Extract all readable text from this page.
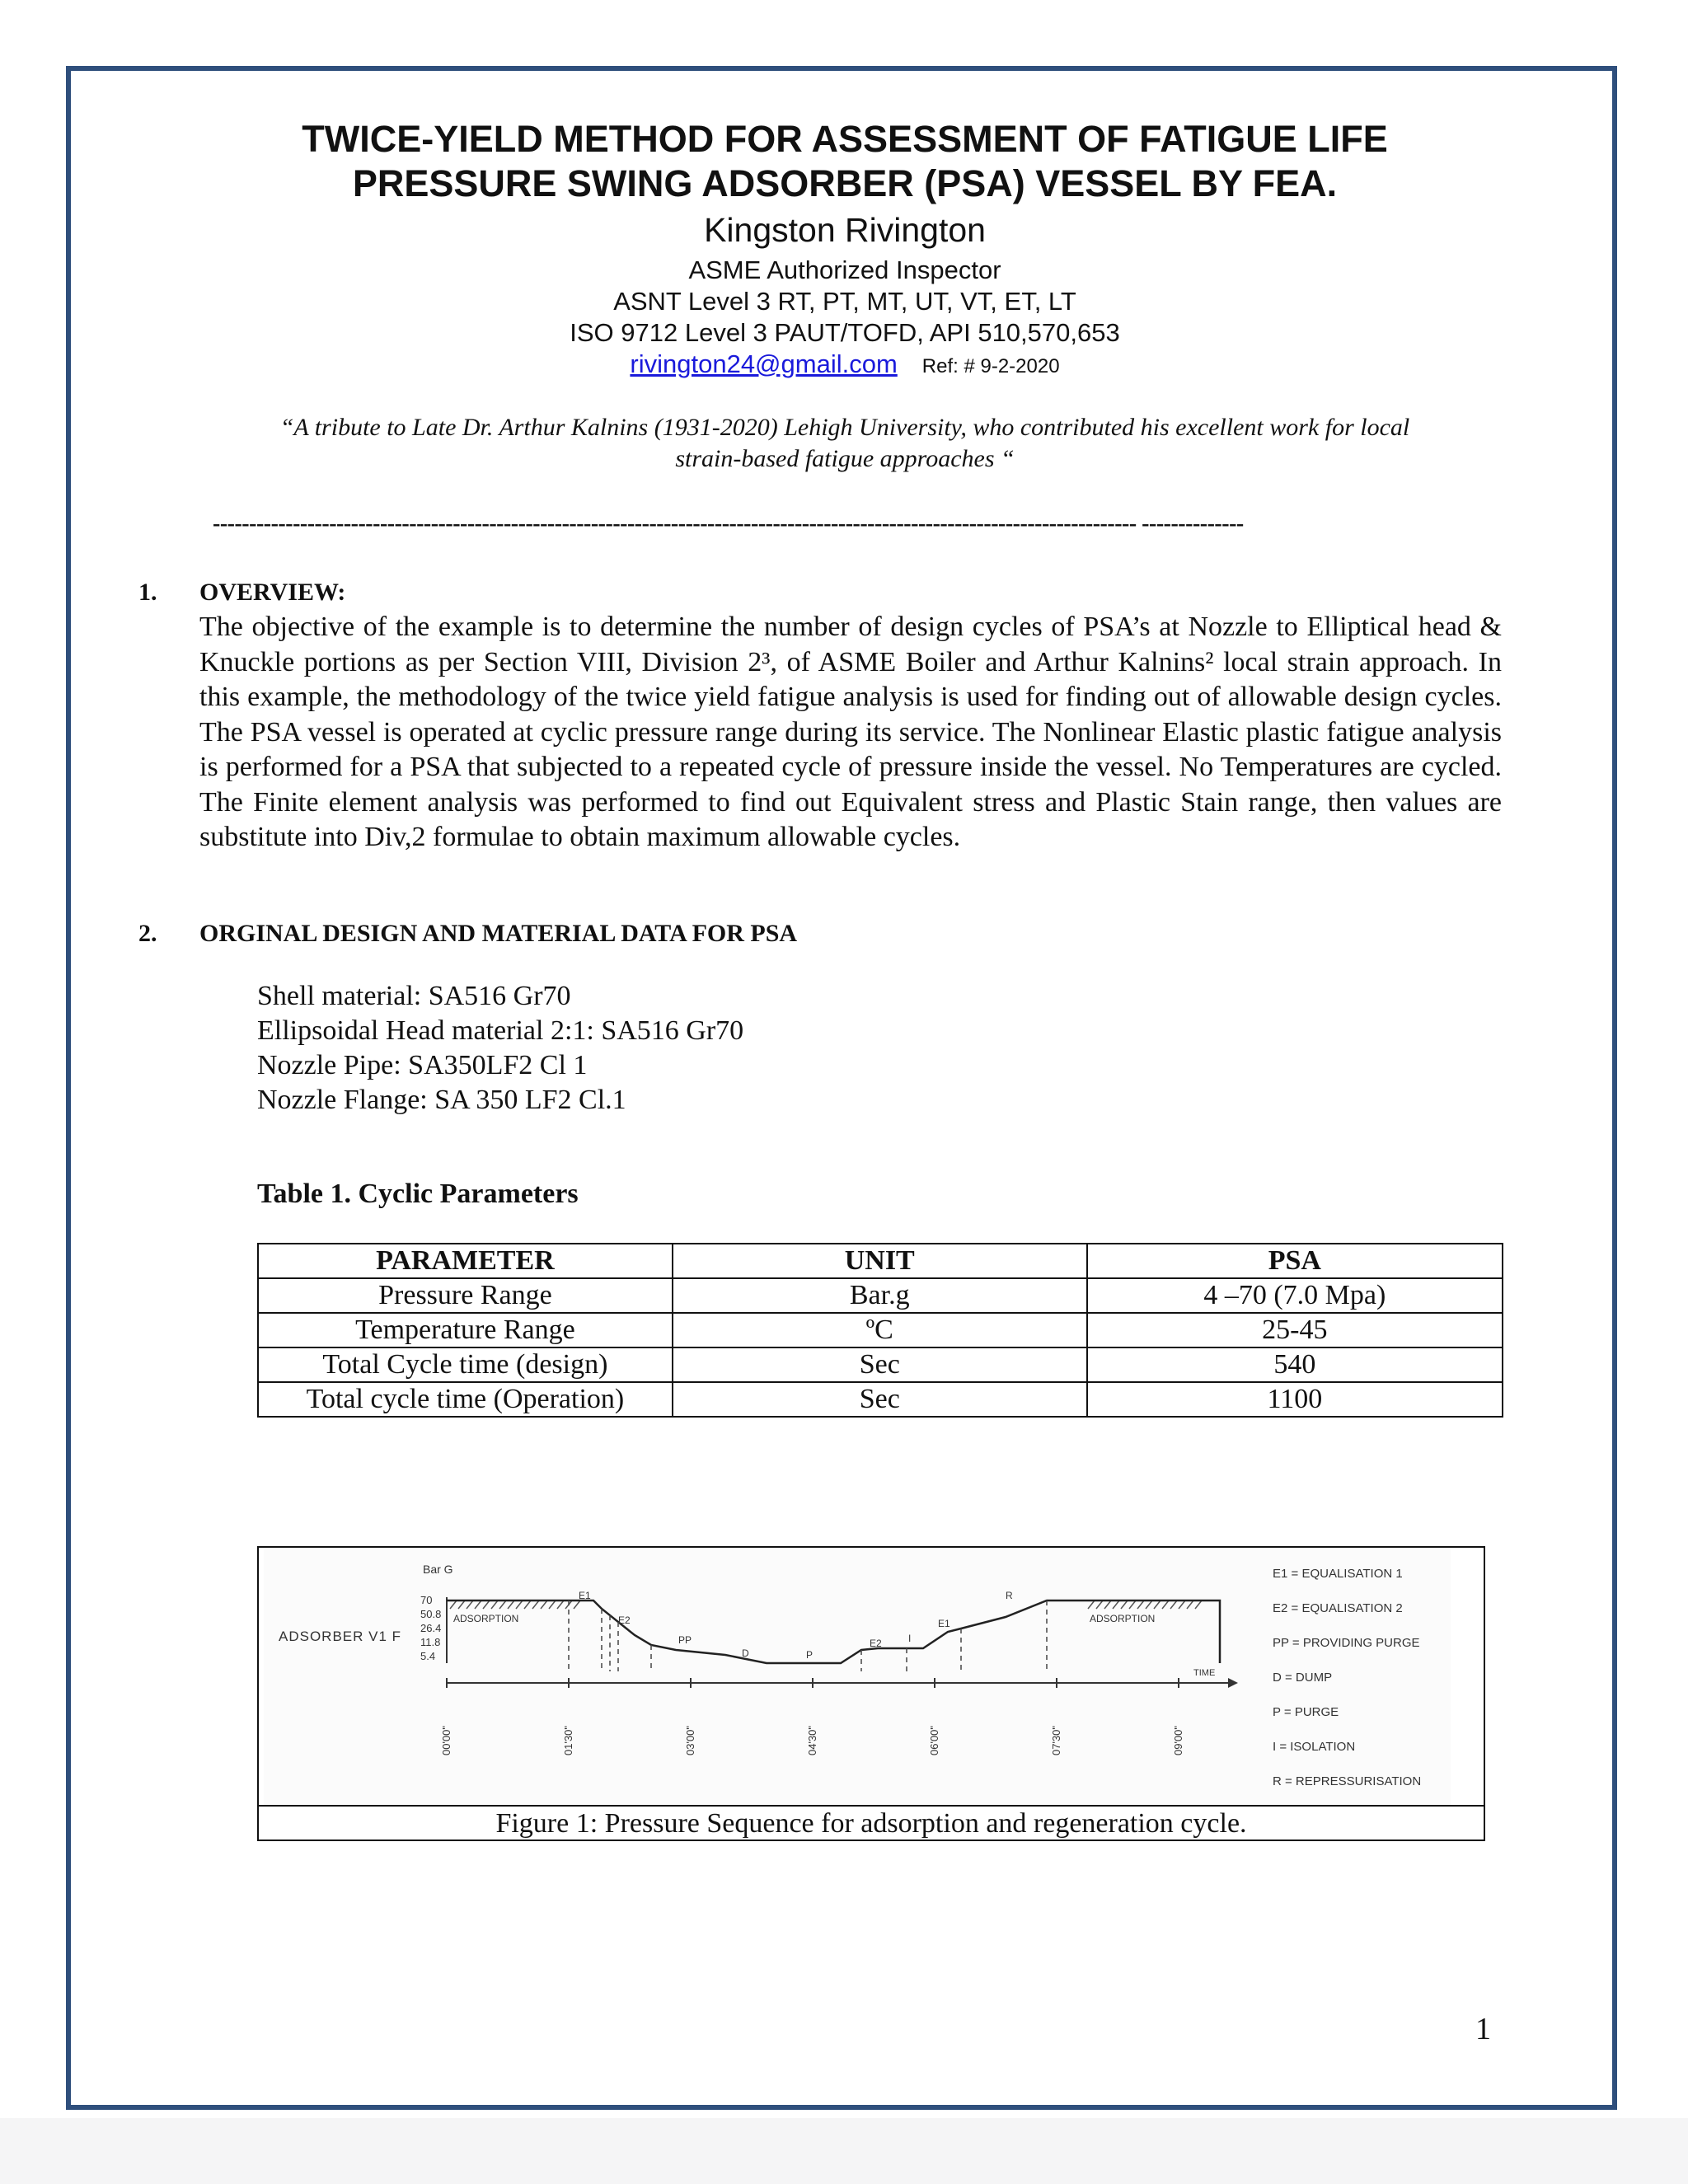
TWICE-YIELD METHOD FOR ASSESSMENT OF FATIGUE LIFE
PRESSURE SWING ADSORBER (PSA) VESSEL BY FEA.
Kingston Rivington
ASME Authorized Inspector
ASNT Level 3 RT, PT, MT, UT, VT, ET, LT
ISO 9712 Level 3 PAUT/TOFD, API 510,570,653
rivington24@gmail.com Ref: # 9-2-2020
“A tribute to Late Dr. Arthur Kalnins (1931-2020) Lehigh University, who contributed his excellent work for local
strain-based fatigue approaches “
------------------------------------------------------------------------------------------------------------------------------- --------------
1. OVERVIEW:
The objective of the example is to determine the number of design cycles of PSA’s at Nozzle to Elliptical head & Knuckle portions as per Section VIII, Division 2³, of ASME Boiler and Arthur Kalnins² local strain approach. In this example, the methodology of the twice yield fatigue analysis is used for finding out of allowable design cycles. The PSA vessel is operated at cyclic pressure range during its service. The Nonlinear Elastic plastic fatigue analysis is performed for a PSA that subjected to a repeated cycle of pressure inside the vessel. No Temperatures are cycled. The Finite element analysis was performed to find out Equivalent stress and Plastic Stain range, then values are substitute into Div,2 formulae to obtain maximum allowable cycles.
2. ORGINAL DESIGN AND MATERIAL DATA FOR PSA
Shell material: SA516 Gr70
Ellipsoidal Head material 2:1: SA516 Gr70
Nozzle Pipe: SA350LF2 Cl 1
Nozzle Flange: SA 350 LF2 Cl.1
Table 1. Cyclic Parameters
PARAMETER	UNIT	PSA
Pressure Range	Bar.g	4 –70 (7.0 Mpa)
Temperature Range	ºC	25-45
Total Cycle time (design)	Sec	540
Total cycle time (Operation)	Sec	1100
Bar G
ADSORBER V1 F
70
50.8
26.4
11.8
5.4
ADSORPTION
E1
E2
PP
D	P
E2	I
E1
R
ADSORPTION
TIME
00'00"	01'30"	03'00"	04'30"	06'00"	07'30"	09'00"
E1 = EQUALISATION 1
E2 = EQUALISATION 2
PP = PROVIDING PURGE
D = DUMP
P = PURGE
I = ISOLATION
R = REPRESSURISATION
Figure 1: Pressure Sequence for adsorption and regeneration cycle.
1
